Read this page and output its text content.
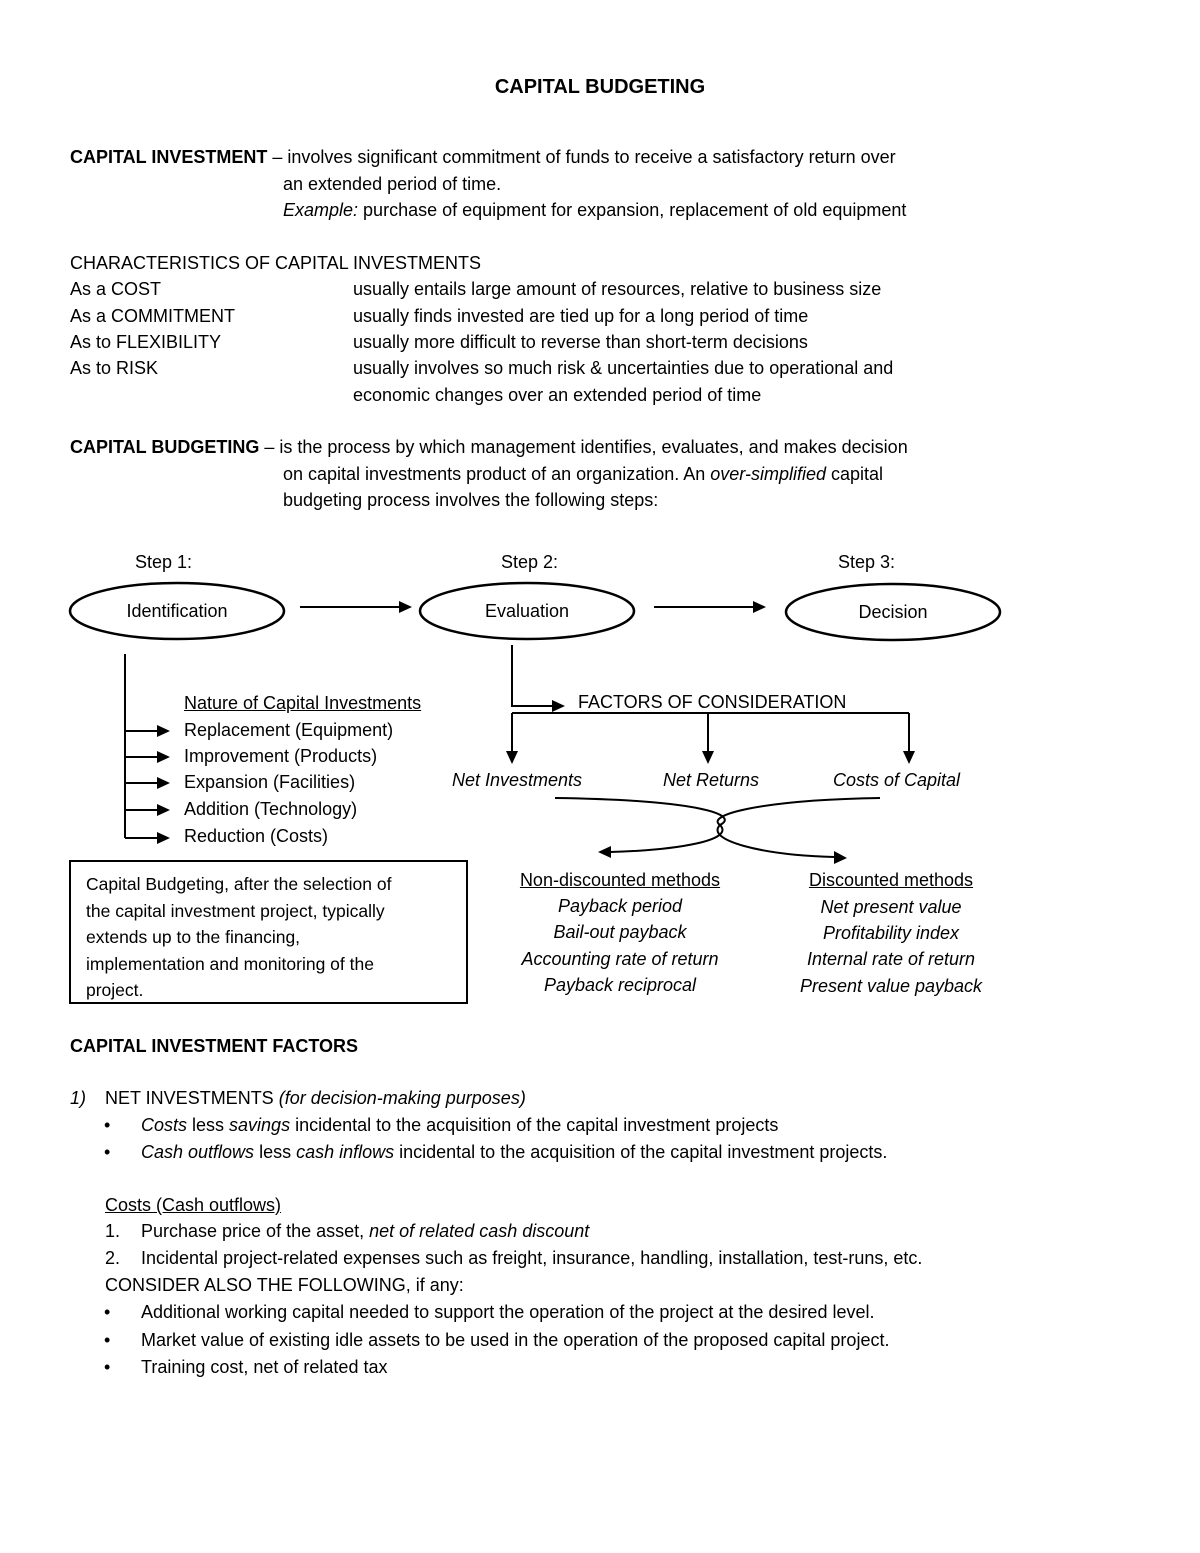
CAPITAL BUDGETING
CAPITAL INVESTMENT – involves significant commitment of funds to receive a satisfactory return over
an extended period of time.
Example: purchase of equipment for expansion, replacement of old equipment
CHARACTERISTICS OF CAPITAL INVESTMENTS
As a COST	usually entails large amount of resources, relative to business size
As a COMMITMENT	usually finds invested are tied up for a long period of time
As to FLEXIBILITY	usually more difficult to reverse than short-term decisions
As to RISK	usually involves so much risk & uncertainties due to operational and
economic changes over an extended period of time
CAPITAL BUDGETING – is the process by which management identifies, evaluates, and makes decision
on capital investments product of an organization. An over-simplified capital
budgeting process involves the following steps:
Step 1:	Step 2:	Step 3:
Identification	Evaluation	Decision
Nature of Capital Investments
Replacement (Equipment)
Improvement (Products)
Expansion (Facilities)
Addition (Technology)
Reduction (Costs)
FACTORS OF CONSIDERATION
Net Investments	Net Returns	Costs of Capital
Non-discounted methods
Payback period
Bail-out payback
Accounting rate of return
Payback reciprocal
Discounted methods
Net present value
Profitability index
Internal rate of return
Present value payback
Capital Budgeting, after the selection of
the capital investment project, typically
extends up to the financing,
implementation and monitoring of the
project.
CAPITAL INVESTMENT FACTORS
1) NET INVESTMENTS (for decision-making purposes)
• Costs less savings incidental to the acquisition of the capital investment projects
• Cash outflows less cash inflows incidental to the acquisition of the capital investment projects.
Costs (Cash outflows)
1. Purchase price of the asset, net of related cash discount
2. Incidental project-related expenses such as freight, insurance, handling, installation, test-runs, etc.
CONSIDER ALSO THE FOLLOWING, if any:
• Additional working capital needed to support the operation of the project at the desired level.
• Market value of existing idle assets to be used in the operation of the proposed capital project.
• Training cost, net of related tax
